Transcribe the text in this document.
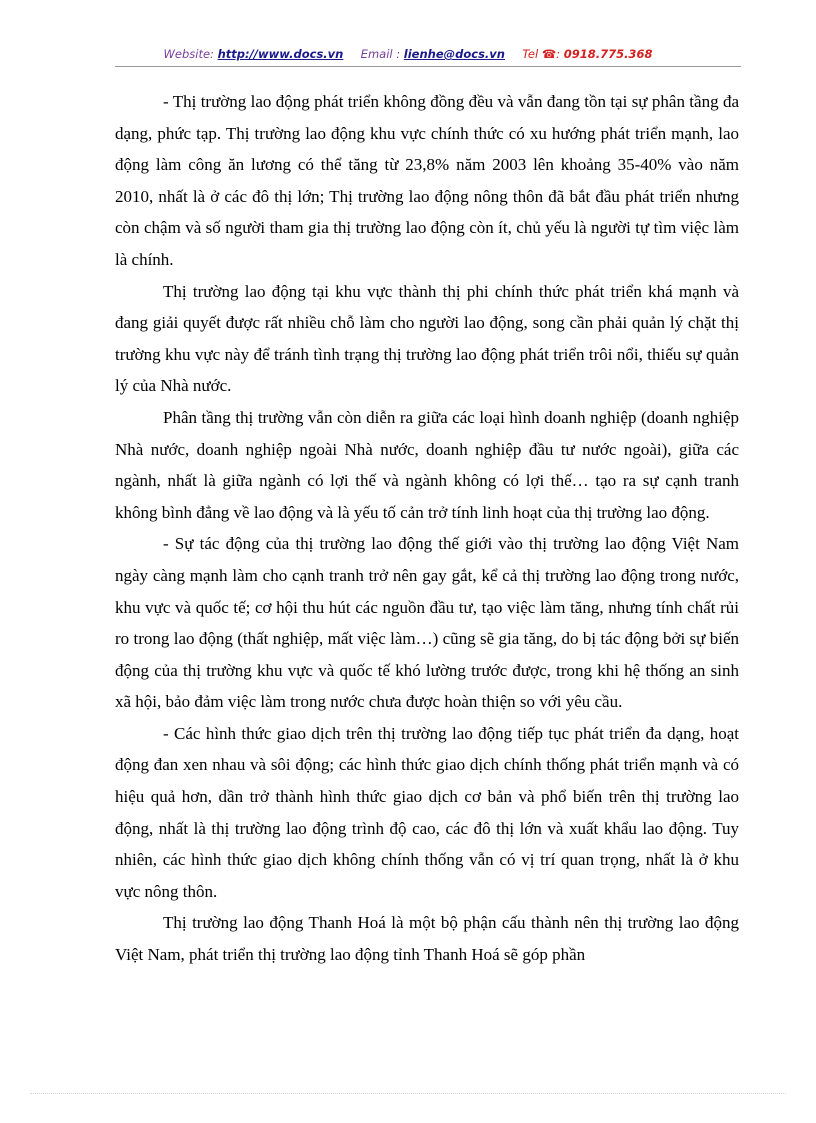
Website: http://www.docs.vn Email : lienhe@docs.vn Tel ☎: 0918.775.368

- Thị trường lao động phát triển không đồng đều và vẫn đang tồn tại sự phân tầng đa dạng, phức tạp. Thị trường lao động khu vực chính thức có xu hướng phát triển mạnh, lao động làm công ăn lương có thể tăng từ 23,8% năm 2003 lên khoảng 35-40% vào năm 2010, nhất là ở các đô thị lớn; Thị trường lao động nông thôn đã bắt đầu phát triển nhưng còn chậm và số người tham gia thị trường lao động còn ít, chủ yếu là người tự tìm việc làm là chính.

Thị trường lao động tại khu vực thành thị phi chính thức phát triển khá mạnh và đang giải quyết được rất nhiều chỗ làm cho người lao động, song cần phải quản lý chặt thị trường khu vực này để tránh tình trạng thị trường lao động phát triển trôi nổi, thiếu sự quản lý của Nhà nước.

Phân tầng thị trường vẫn còn diễn ra giữa các loại hình doanh nghiệp (doanh nghiệp Nhà nước, doanh nghiệp ngoài Nhà nước, doanh nghiệp đầu tư nước ngoài), giữa các ngành, nhất là giữa ngành có lợi thế và ngành không có lợi thế… tạo ra sự cạnh tranh không bình đẳng về lao động và là yếu tố cản trở tính linh hoạt của thị trường lao động.

- Sự tác động của thị trường lao động thế giới vào thị trường lao động Việt Nam ngày càng mạnh làm cho cạnh tranh trở nên gay gắt, kể cả thị trường lao động trong nước, khu vực và quốc tế; cơ hội thu hút các nguồn đầu tư, tạo việc làm tăng, nhưng tính chất rủi ro trong lao động (thất nghiệp, mất việc làm…) cũng sẽ gia tăng, do bị tác động bởi sự biến động của thị trường khu vực và quốc tế khó lường trước được, trong khi hệ thống an sinh xã hội, bảo đảm việc làm trong nước chưa được hoàn thiện so với yêu cầu.

- Các hình thức giao dịch trên thị trường lao động tiếp tục phát triển đa dạng, hoạt động đan xen nhau và sôi động; các hình thức giao dịch chính thống phát triển mạnh và có hiệu quả hơn, dần trở thành hình thức giao dịch cơ bản và phổ biến trên thị trường lao động, nhất là thị trường lao động trình độ cao, các đô thị lớn và xuất khẩu lao động. Tuy nhiên, các hình thức giao dịch không chính thống vẫn có vị trí quan trọng, nhất là ở khu vực nông thôn.

Thị trường lao động Thanh Hoá là một bộ phận cấu thành nên thị trường lao động Việt Nam, phát triển thị trường lao động tỉnh Thanh Hoá sẽ góp phần
